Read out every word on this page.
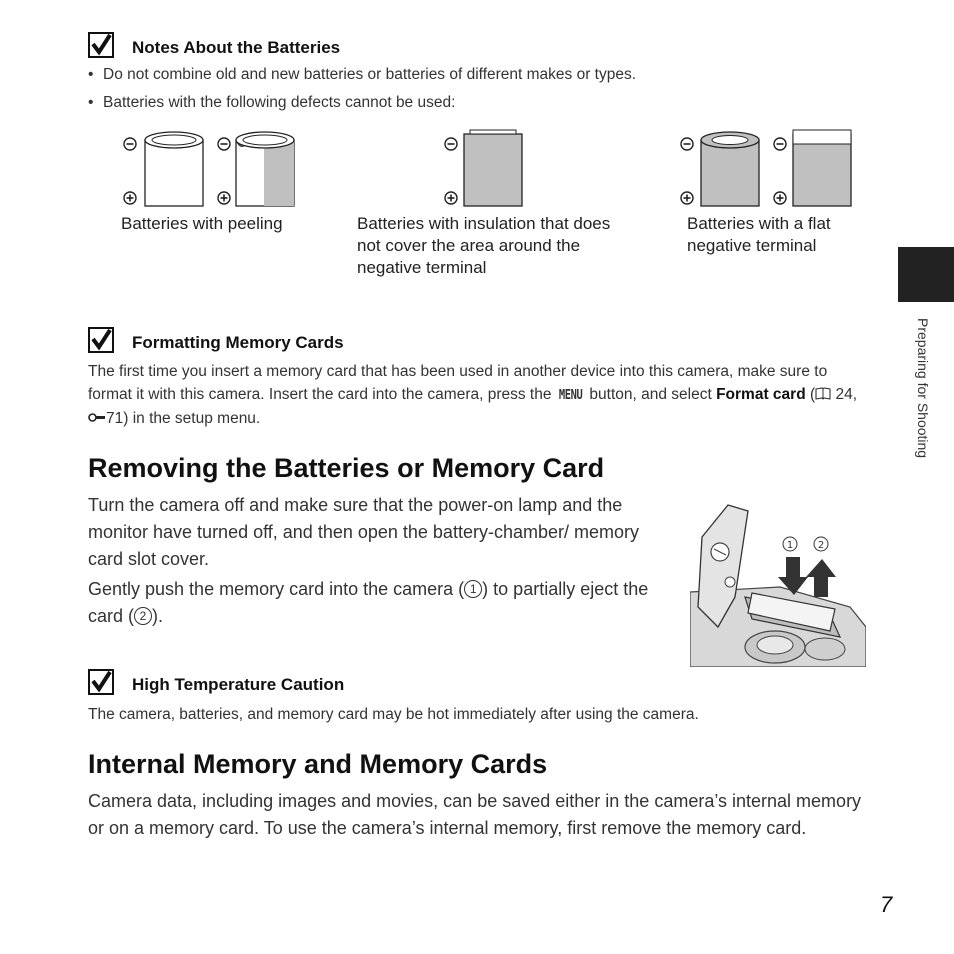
Notes About the Batteries
• Do not combine old and new batteries or batteries of different makes or types.
• Batteries with the following defects cannot be used:
Batteries with peeling	Batteries with insulation that does not cover the area around the negative terminal
Batteries with a flat negative terminal
Formatting Memory Cards
The first time you insert a memory card that has been used in another device into this camera, make sure to format it with this camera. Insert the card into the camera, press the MENU button, and select Format card ( 24, 71) in the setup menu.
Removing the Batteries or Memory Card
Turn the camera off and make sure that the power-on lamp and the monitor have turned off, and then open the battery-chamber/ memory card slot cover.
Gently push the memory card into the camera ( 1 ) to partially eject the card ( 2 ).
1 2
High Temperature Caution
The camera, batteries, and memory card may be hot immediately after using the camera.
Internal Memory and Memory Cards
Camera data, including images and movies, can be saved either in the camera’s internal memory or on a memory card. To use the camera’s internal memory, first remove the memory card.
Preparing for Shooting
7
